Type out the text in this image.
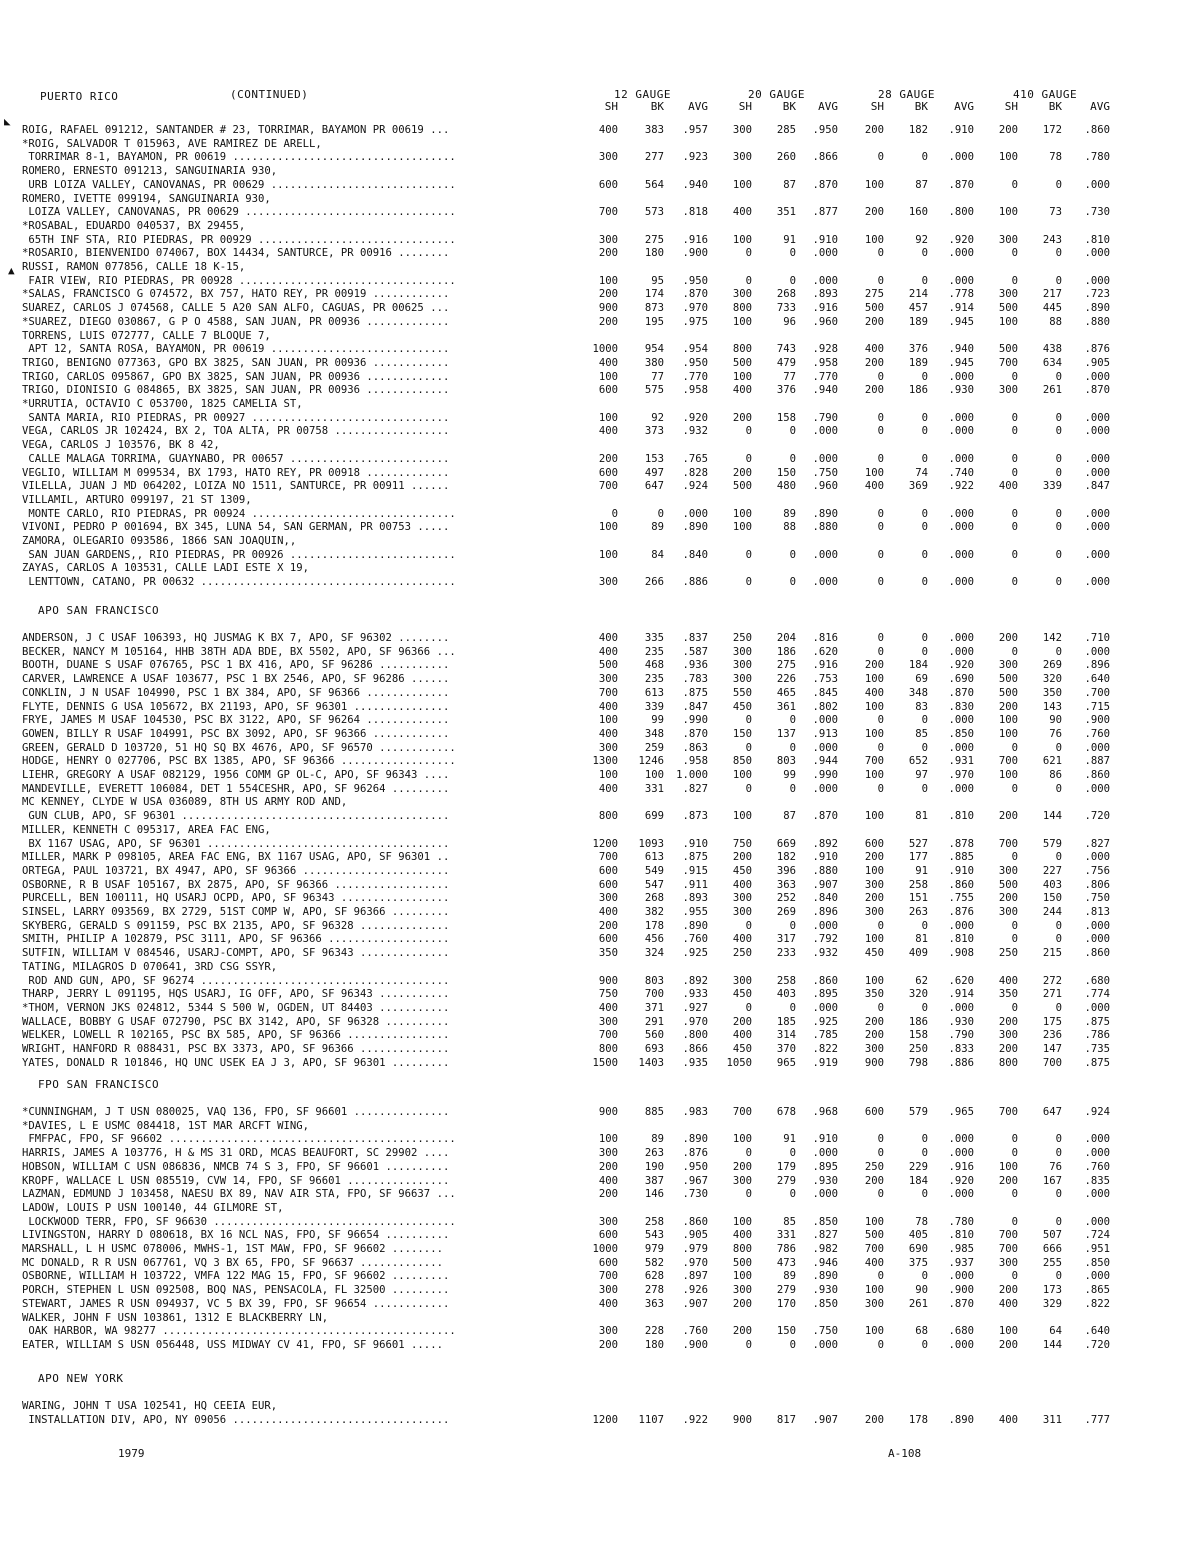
PUERTO RICO	(CONTINUED)	12 GAUGE	20 GAUGE	28 GAUGE	410 GAUGE
SH	BK	AVG	SH	BK	AVG	SH	BK	AVG	SH	BK	AVG
ROIG, RAFAEL 091212, SANTANDER # 23, TORRIMAR, BAYAMON PR 00619 ...	400	383	.957	300	285	.950	200	182	.910	200	172	.860
*ROIG, SALVADOR T 015963, AVE RAMIREZ DE ARELL,
TORRIMAR 8-1, BAYAMON, PR 00619 ...................................	300	277	.923	300	260	.866	0	0	.000	100	78	.780
ROMERO, ERNESTO 091213, SANGUINARIA 930,
URB LOIZA VALLEY, CANOVANAS, PR 00629 .............................	600	564	.940	100	87	.870	100	87	.870	0	0	.000
ROMERO, IVETTE 099194, SANGUINARIA 930,
LOIZA VALLEY, CANOVANAS, PR 00629 .................................	700	573	.818	400	351	.877	200	160	.800	100	73	.730
*ROSABAL, EDUARDO 040537, BX 29455,
65TH INF STA, RIO PIEDRAS, PR 00929 ...............................	300	275	.916	100	91	.910	100	92	.920	300	243	.810
*ROSARIO, BIENVENIDO 074067, BOX 14434, SANTURCE, PR 00916 ........	200	180	.900	0	0	.000	0	0	.000	0	0	.000
RUSSI, RAMON 077856, CALLE 18 K-15,
FAIR VIEW, RIO PIEDRAS, PR 00928 ..................................	100	95	.950	0	0	.000	0	0	.000	0	0	.000
*SALAS, FRANCISCO G 074572, BX 757, HATO REY, PR 00919 ............	200	174	.870	300	268	.893	275	214	.778	300	217	.723
SUAREZ, CARLOS J 074568, CALLE 5 A20 SAN ALFO, CAGUAS, PR 00625 ...	900	873	.970	800	733	.916	500	457	.914	500	445	.890
*SUAREZ, DIEGO 030867, G P O 4588, SAN JUAN, PR 00936 .............	200	195	.975	100	96	.960	200	189	.945	100	88	.880
TORRENS, LUIS 072777, CALLE 7 BLOQUE 7,
APT 12, SANTA ROSA, BAYAMON, PR 00619 ............................	1000	954	.954	800	743	.928	400	376	.940	500	438	.876
TRIGO, BENIGNO 077363, GPO BX 3825, SAN JUAN, PR 00936 ............	400	380	.950	500	479	.958	200	189	.945	700	634	.905
TRIGO, CARLOS 095867, GPO BX 3825, SAN JUAN, PR 00936 .............	100	77	.770	100	77	.770	0	0	.000	0	0	.000
TRIGO, DIONISIO G 084865, BX 3825, SAN JUAN, PR 00936 .............	600	575	.958	400	376	.940	200	186	.930	300	261	.870
*URRUTIA, OCTAVIO C 053700, 1825 CAMELIA ST,
SANTA MARIA, RIO PIEDRAS, PR 00927 ...............................	100	92	.920	200	158	.790	0	0	.000	0	0	.000
VEGA, CARLOS JR 102424, BX 2, TOA ALTA, PR 00758 ..................	400	373	.932	0	0	.000	0	0	.000	0	0	.000
VEGA, CARLOS J 103576, BK 8 42,
CALLE MALAGA TORRIMA, GUAYNABO, PR 00657 .........................	200	153	.765	0	0	.000	0	0	.000	0	0	.000
VEGLIO, WILLIAM M 099534, BX 1793, HATO REY, PR 00918 .............	600	497	.828	200	150	.750	100	74	.740	0	0	.000
VILELLA, JUAN J MD 064202, LOIZA NO 1511, SANTURCE, PR 00911 ......	700	647	.924	500	480	.960	400	369	.922	400	339	.847
VILLAMIL, ARTURO 099197, 21 ST 1309,
MONTE CARLO, RIO PIEDRAS, PR 00924 ................................	0	0	.000	100	89	.890	0	0	.000	0	0	.000
VIVONI, PEDRO P 001694, BX 345, LUNA 54, SAN GERMAN, PR 00753 .....	100	89	.890	100	88	.880	0	0	.000	0	0	.000
ZAMORA, OLEGARIO 093586, 1866 SAN JOAQUIN,,
SAN JUAN GARDENS,, RIO PIEDRAS, PR 00926 ..........................	100	84	.840	0	0	.000	0	0	.000	0	0	.000
ZAYAS, CARLOS A 103531, CALLE LADI ESTE X 19,
LENTTOWN, CATANO, PR 00632 ........................................	300	266	.886	0	0	.000	0	0	.000	0	0	.000
APO SAN FRANCISCO
ANDERSON, J C USAF 106393, HQ JUSMAG K BX 7, APO, SF 96302 ........	400	335	.837	250	204	.816	0	0	.000	200	142	.710
BECKER, NANCY M 105164, HHB 38TH ADA BDE, BX 5502, APO, SF 96366 ...	400	235	.587	300	186	.620	0	0	.000	0	0	.000
BOOTH, DUANE S USAF 076765, PSC 1 BX 416, APO, SF 96286 ...........	500	468	.936	300	275	.916	200	184	.920	300	269	.896
CARVER, LAWRENCE A USAF 103677, PSC 1 BX 2546, APO, SF 96286 ......	300	235	.783	300	226	.753	100	69	.690	500	320	.640
CONKLIN, J N USAF 104990, PSC 1 BX 384, APO, SF 96366 .............	700	613	.875	550	465	.845	400	348	.870	500	350	.700
FLYTE, DENNIS G USA 105672, BX 21193, APO, SF 96301 ...............	400	339	.847	450	361	.802	100	83	.830	200	143	.715
FRYE, JAMES M USAF 104530, PSC BX 3122, APO, SF 96264 .............	100	99	.990	0	0	.000	0	0	.000	100	90	.900
GOWEN, BILLY R USAF 104991, PSC BX 3092, APO, SF 96366 ............	400	348	.870	150	137	.913	100	85	.850	100	76	.760
GREEN, GERALD D 103720, 51 HQ SQ BX 4676, APO, SF 96570 ............	300	259	.863	0	0	.000	0	0	.000	0	0	.000
HODGE, HENRY O 027706, PSC BX 1385, APO, SF 96366 ..................	1300	1246	.958	850	803	.944	700	652	.931	700	621	.887
LIEHR, GREGORY A USAF 082129, 1956 COMM GP OL-C, APO, SF 96343 ....	100	100	1.000	100	99	.990	100	97	.970	100	86	.860
MANDEVILLE, EVERETT 106084, DET 1 554CESHR, APO, SF 96264 .........	400	331	.827	0	0	.000	0	0	.000	0	0	.000
MC KENNEY, CLYDE W USA 036089, 8TH US ARMY ROD AND,
GUN CLUB, APO, SF 96301 ..........................................	800	699	.873	100	87	.870	100	81	.810	200	144	.720
MILLER, KENNETH C 095317, AREA FAC ENG,
BX 1167 USAG, APO, SF 96301 ......................................	1200	1093	.910	750	669	.892	600	527	.878	700	579	.827
MILLER, MARK P 098105, AREA FAC ENG, BX 1167 USAG, APO, SF 96301 ..	700	613	.875	200	182	.910	200	177	.885	0	0	.000
ORTEGA, PAUL 103721, BX 4947, APO, SF 96366 .......................	600	549	.915	450	396	.880	100	91	.910	300	227	.756
OSBORNE, R B USAF 105167, BX 2875, APO, SF 96366 ..................	600	547	.911	400	363	.907	300	258	.860	500	403	.806
PURCELL, BEN 100111, HQ USARJ OCPD, APO, SF 96343 .................	300	268	.893	300	252	.840	200	151	.755	200	150	.750
SINSEL, LARRY 093569, BX 2729, 51ST COMP W, APO, SF 96366 .........	400	382	.955	300	269	.896	300	263	.876	300	244	.813
SKYBERG, GERALD S 091159, PSC BX 2135, APO, SF 96328 ..............	200	178	.890	0	0	.000	0	0	.000	0	0	.000
SMITH, PHILIP A 102879, PSC 3111, APO, SF 96366 ...................	600	456	.760	400	317	.792	100	81	.810	0	0	.000
SUTFIN, WILLIAM V 084546, USARJ-COMPT, APO, SF 96343 ..............	350	324	.925	250	233	.932	450	409	.908	250	215	.860
TATING, MILAGROS D 070641, 3RD CSG SSYR,
ROD AND GUN, APO, SF 96274 .......................................	900	803	.892	300	258	.860	100	62	.620	400	272	.680
THARP, JERRY L 091195, HQS USARJ, IG OFF, APO, SF 96343 ...........	750	700	.933	450	403	.895	350	320	.914	350	271	.774
*THOM, VERNON JKS 024812, 5344 S 500 W, OGDEN, UT 84403 ...........	400	371	.927	0	0	.000	0	0	.000	0	0	.000
WALLACE, BOBBY G USAF 072790, PSC BX 3142, APO, SF 96328 ..........	300	291	.970	200	185	.925	200	186	.930	200	175	.875
WELKER, LOWELL R 102165, PSC BX 585, APO, SF 96366 ................	700	560	.800	400	314	.785	200	158	.790	300	236	.786
WRIGHT, HANFORD R 088431, PSC BX 3373, APO, SF 96366 ..............	800	693	.866	450	370	.822	300	250	.833	200	147	.735
YATES, DONALD R 101846, HQ UNC USEK EA J 3, APO, SF 96301 .........	1500	1403	.935	1050	965	.919	900	798	.886	800	700	.875
FPO SAN FRANCISCO
*CUNNINGHAM, J T USN 080025, VAQ 136, FPO, SF 96601 ...............	900	885	.983	700	678	.968	600	579	.965	700	647	.924
*DAVIES, L E USMC 084418, 1ST MAR ARCFT WING,
FMFPAC, FPO, SF 96602 .............................................	100	89	.890	100	91	.910	0	0	.000	0	0	.000
HARRIS, JAMES A 103776, H & MS 31 ORD, MCAS BEAUFORT, SC 29902 ....	300	263	.876	0	0	.000	0	0	.000	0	0	.000
HOBSON, WILLIAM C USN 086836, NMCB 74 S 3, FPO, SF 96601 ..........	200	190	.950	200	179	.895	250	229	.916	100	76	.760
KROPF, WALLACE L USN 085519, CVW 14, FPO, SF 96601 ................	400	387	.967	300	279	.930	200	184	.920	200	167	.835
LAZMAN, EDMUND J 103458, NAESU BX 89, NAV AIR STA, FPO, SF 96637 ...	200	146	.730	0	0	.000	0	0	.000	0	0	.000
LADOW, LOUIS P USN 100140, 44 GILMORE ST,
LOCKWOOD TERR, FPO, SF 96630 ......................................	300	258	.860	100	85	.850	100	78	.780	0	0	.000
LIVINGSTON, HARRY D 080618, BX 16 NCL NAS, FPO, SF 96654 ..........	600	543	.905	400	331	.827	500	405	.810	700	507	.724
MARSHALL, L H USMC 078006, MWHS-1, 1ST MAW, FPO, SF 96602 ........	1000	979	.979	800	786	.982	700	690	.985	700	666	.951
MC DONALD, R R USN 067761, VQ 3 BX 65, FPO, SF 96637 .............	600	582	.970	500	473	.946	400	375	.937	300	255	.850
OSBORNE, WILLIAM H 103722, VMFA 122 MAG 15, FPO, SF 96602 .........	700	628	.897	100	89	.890	0	0	.000	0	0	.000
PORCH, STEPHEN L USN 092508, BOQ NAS, PENSACOLA, FL 32500 .........	300	278	.926	300	279	.930	100	90	.900	200	173	.865
STEWART, JAMES R USN 094937, VC 5 BX 39, FPO, SF 96654 ............	400	363	.907	200	170	.850	300	261	.870	400	329	.822
WALKER, JOHN F USN 103861, 1312 E BLACKBERRY LN,
OAK HARBOR, WA 98277 ..............................................	300	228	.760	200	150	.750	100	68	.680	100	64	.640
EATER, WILLIAM S USN 056448, USS MIDWAY CV 41, FPO, SF 96601 .....	200	180	.900	0	0	.000	0	0	.000	200	144	.720
APO NEW YORK
WARING, JOHN T USA 102541, HQ CEEIA EUR,
INSTALLATION DIV, APO, NY 09056 ..................................	1200	1107	.922	900	817	.907	200	178	.890	400	311	.777
◣
▲
1979	A-108
